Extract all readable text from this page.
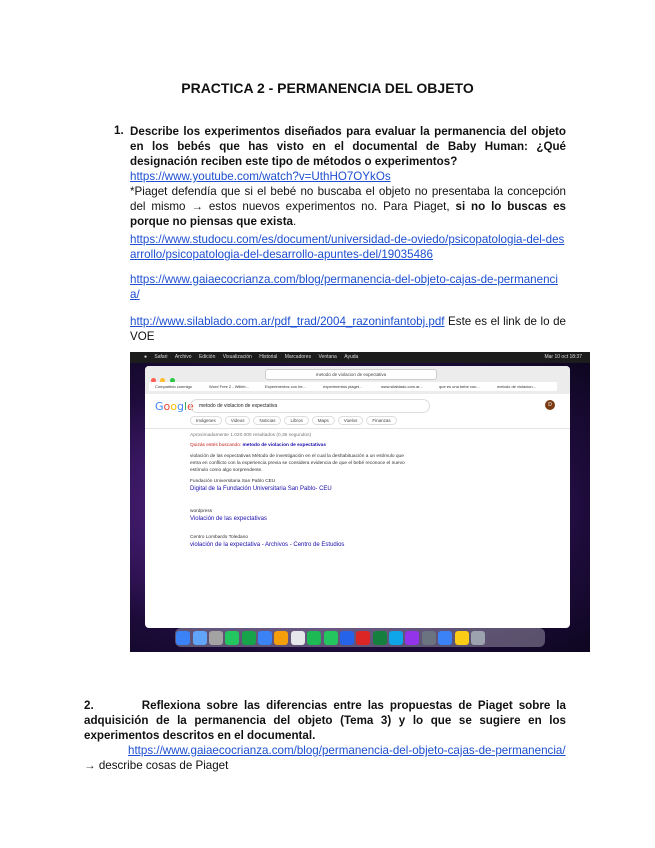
PRACTICA 2 - PERMANENCIA DEL OBJETO
1. Describe los experimentos diseñados para evaluar la permanencia del objeto en los bebés que has visto en el documental de Baby Human: ¿Qué designación reciben este tipo de métodos o experimentos?
https://www.youtube.com/watch?v=UthHO7OYkOs
*Piaget defendía que si el bebé no buscaba el objeto no presentaba la concepción del mismo → estos nuevos experimentos no. Para Piaget, si no lo buscas es porque no piensas que exista.
https://www.studocu.com/es/document/universidad-de-oviedo/psicopatologia-del-desarrollo/psicopatologia-del-desarrollo-apuntes-del/19035486
https://www.gaiaecocrianza.com/blog/permanencia-del-objeto-cajas-de-permanencia/
http://www.silablado.com.ar/pdf_trad/2004_razoninfantobj.pdf Este es el link de lo de VOE
● Safari Archivo Edición Visualización Historial Marcadores Ventana Ayuda	Mar 10 oct 18:37

metodo de violacion de expectativa
Compartido conmigo	Word Free 2 - Willeb...	Experimentos con be...	experimentos piaget...	www.silablado.com.ar...	que es una bebe con...	metodo de violacion...
Google	metodo de violacion de expectativa
Imágenes	Videos	Noticias	Libros	Maps	Vuelos	Finanzas
D
Aproximadamente 1.020.000 resultados (0,36 segundos)
Quizás estés buscando: metodo de violacion de expectativas
violación de las expectativas Método de investigación en el cual la deshabituación a un estímulo que entra en conflicto con la experiencia previa se considera evidencia de que el bebé reconoce el nuevo estímulo como algo sorprendente.
Fundación Universitaria San Pablo CEU
Digital de la Fundación Universitaria San Pablo- CEU
wordpress
Violación de las expectativas
Centro Lombardo Toledano
violación de la expectativa - Archivos - Centro de Estudios
2.	Reflexiona sobre las diferencias entre las propuestas de Piaget sobre la adquisición de la permanencia del objeto (Tema 3) y lo que se sugiere en los experimentos descritos en el documental.
https://www.gaiaecocrianza.com/blog/permanencia-del-objeto-cajas-de-permanencia/ → describe cosas de Piaget
